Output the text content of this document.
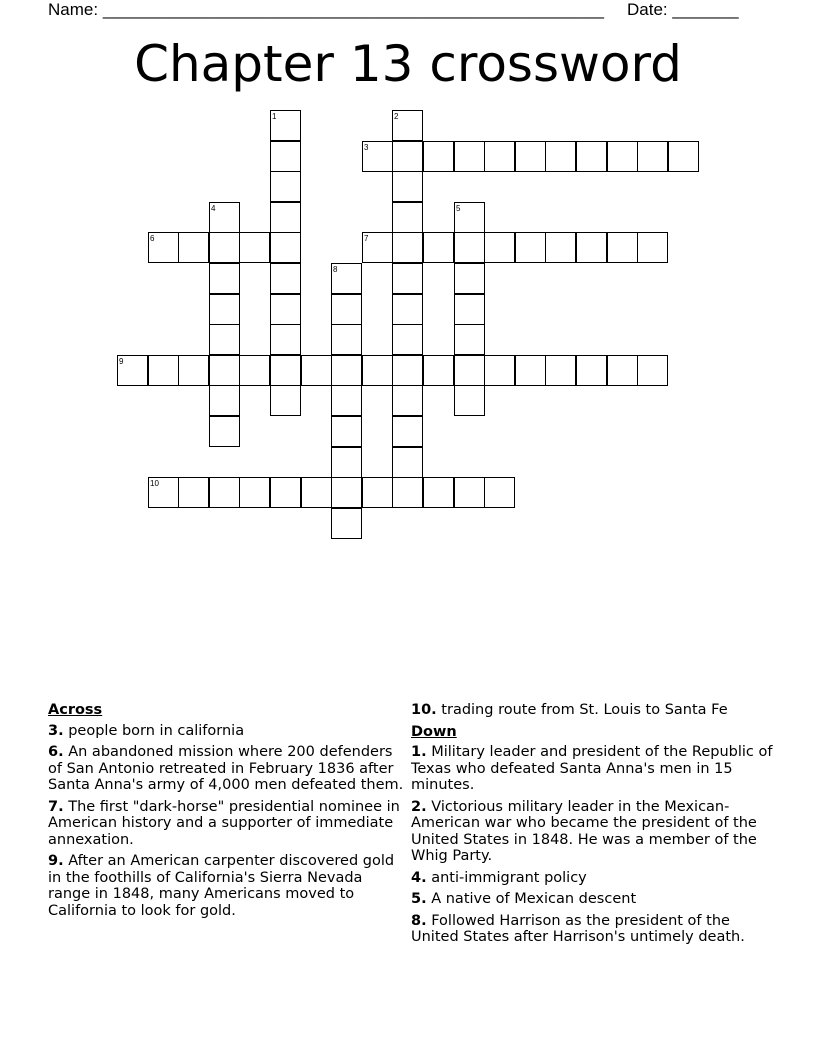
Name: _____________________________________________________ Date: _______
Chapter 13 crossword
3
6	7
9
10
1	2
4	5
8
Across
3. people born in california
6. An abandoned mission where 200 defenders of San Antonio retreated in February 1836 after Santa Anna's army of 4,000 men defeated them.
7. The first "dark-horse" presidential nominee in American history and a supporter of immediate annexation.
9. After an American carpenter discovered gold in the foothills of California's Sierra Nevada range in 1848, many Americans moved to California to look for gold.
10. trading route from St. Louis to Santa Fe
Down
1. Military leader and president of the Republic of Texas who defeated Santa Anna's men in 15 minutes.
2. Victorious military leader in the Mexican-American war who became the president of the United States in 1848. He was a member of the Whig Party.
4. anti-immigrant policy
5. A native of Mexican descent
8. Followed Harrison as the president of the United States after Harrison's untimely death.
